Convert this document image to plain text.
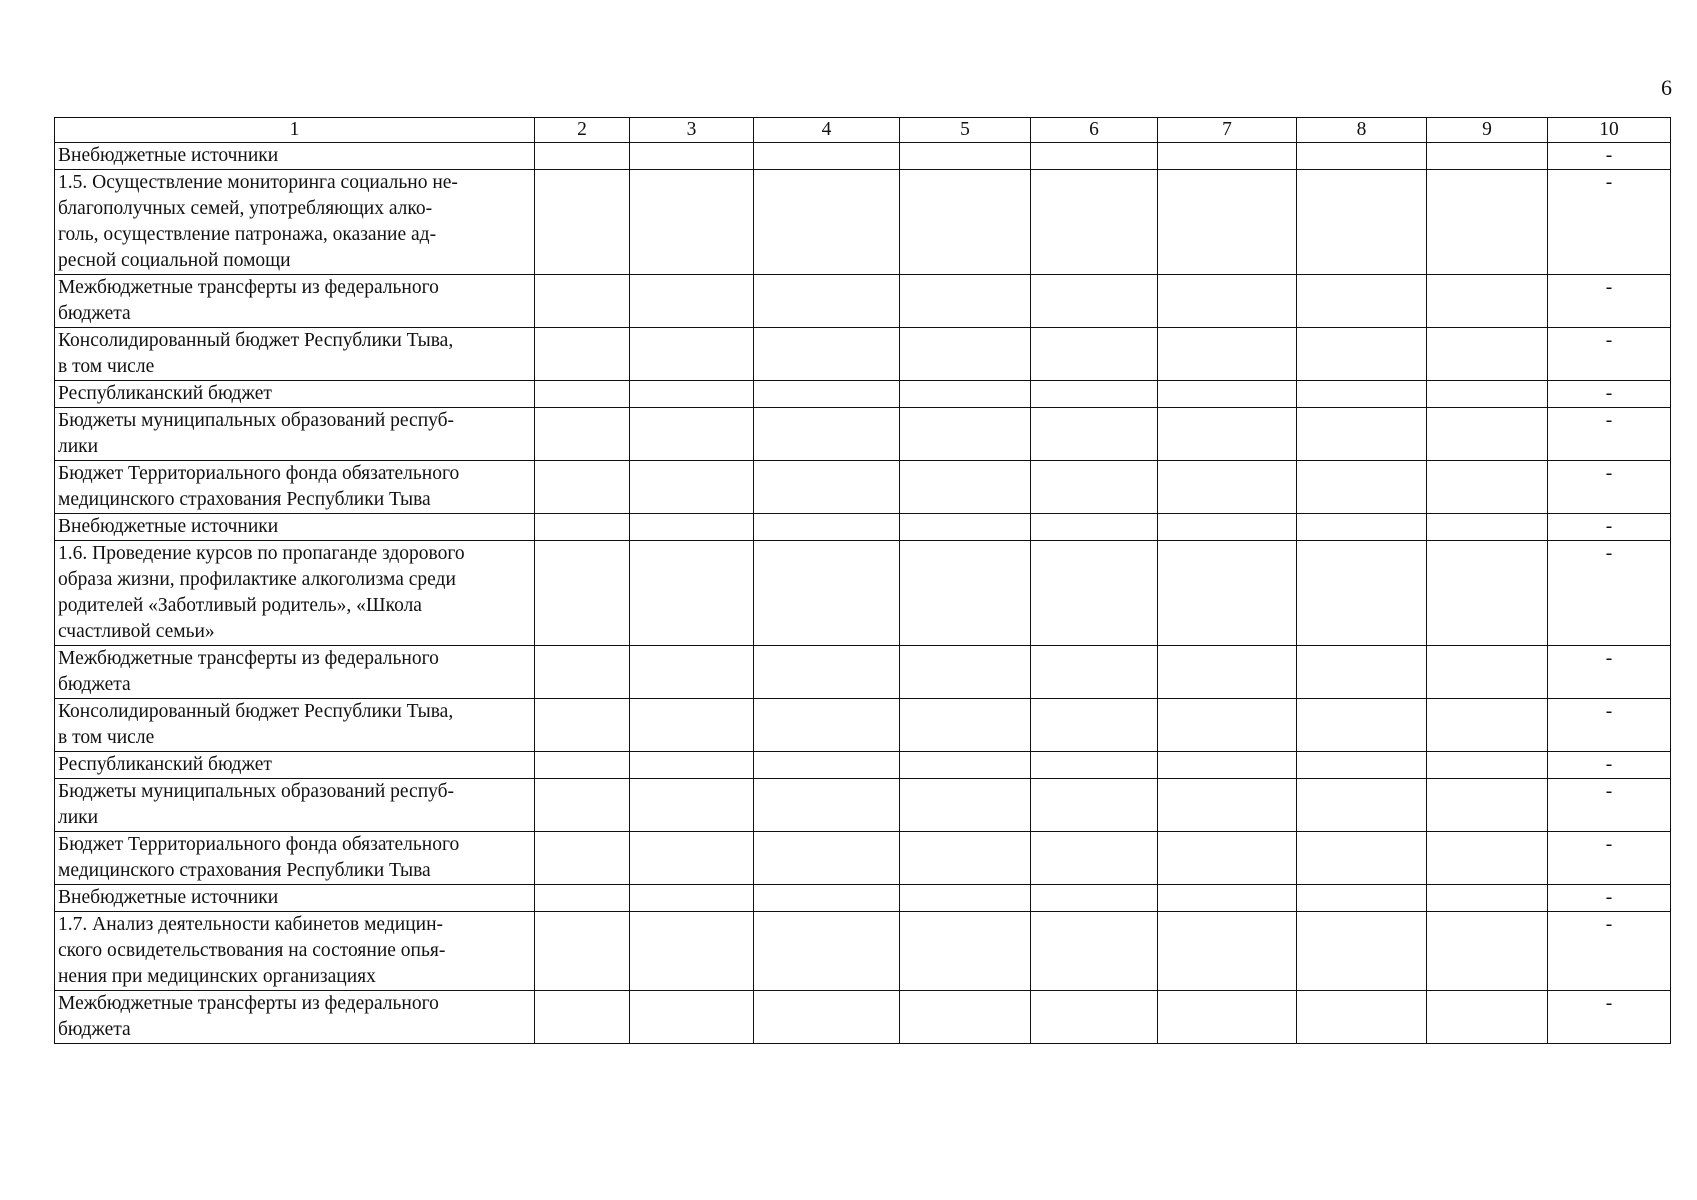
6
1	2	3	4	5	6	7	8	9	10
Внебюджетные источники									-
1.5. Осуществление мониторинга социально не-
благополучных семей, употребляющих алко-
голь, осуществление патронажа, оказание ад-
ресной социальной помощи									-
Межбюджетные трансферты из федерального
бюджета									-
Консолидированный бюджет Республики Тыва,
в том числе									-
Республиканский бюджет									-
Бюджеты муниципальных образований респуб-
лики									-
Бюджет Территориального фонда обязательного
медицинского страхования Республики Тыва									-
Внебюджетные источники									-
1.6. Проведение курсов по пропаганде здорового
образа жизни, профилактике алкоголизма среди
родителей «Заботливый родитель», «Школа
счастливой семьи»									-
Межбюджетные трансферты из федерального
бюджета									-
Консолидированный бюджет Республики Тыва,
в том числе									-
Республиканский бюджет									-
Бюджеты муниципальных образований респуб-
лики									-
Бюджет Территориального фонда обязательного
медицинского страхования Республики Тыва									-
Внебюджетные источники									-
1.7. Анализ деятельности кабинетов медицин-
ского освидетельствования на состояние опья-
нения при медицинских организациях									-
Межбюджетные трансферты из федерального
бюджета									-
